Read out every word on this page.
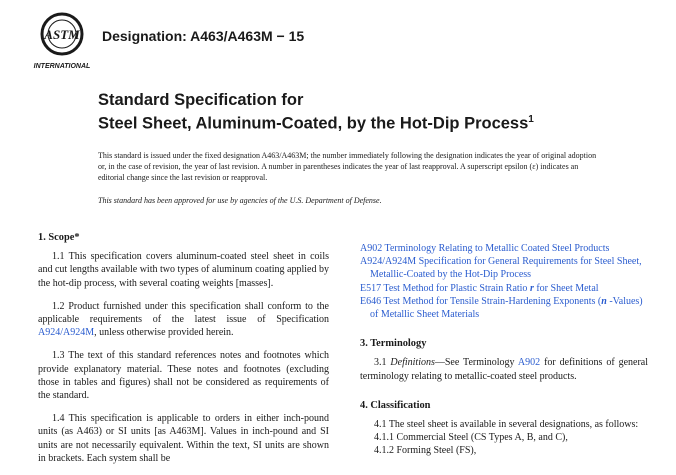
ASTM
INTERNATIONAL
Designation: A463/A463M − 15
Standard Specification for
Steel Sheet, Aluminum-Coated, by the Hot-Dip Process$^1$
This standard is issued under the fixed designation A463/A463M; the number immediately following the designation indicates the year of original adoption or, in the case of revision, the year of last revision. A number in parentheses indicates the year of last reapproval. A superscript epsilon (ε) indicates an editorial change since the last revision or reapproval.
This standard has been approved for use by agencies of the U.S. Department of Defense.
1. Scope*
1.1 This specification covers aluminum-coated steel sheet in coils and cut lengths available with two types of aluminum coating applied by the hot-dip process, with several coating weights [masses].
1.2 Product furnished under this specification shall conform to the applicable requirements of the latest issue of Specification A924/A924M, unless otherwise provided herein.
1.3 The text of this standard references notes and footnotes which provide explanatory material. These notes and footnotes (excluding those in tables and figures) shall not be considered as requirements of the standard.
1.4 This specification is applicable to orders in either inch-pound units (as A463) or SI units [as A463M]. Values in inch-pound and SI units are not necessarily equivalent. Within the text, SI units are shown in brackets. Each system shall be
A902 Terminology Relating to Metallic Coated Steel Products
A924/A924M Specification for General Requirements for Steel Sheet, Metallic-Coated by the Hot-Dip Process
E517 Test Method for Plastic Strain Ratio r for Sheet Metal
E646 Test Method for Tensile Strain-Hardening Exponents (n -Values) of Metallic Sheet Materials
3. Terminology
3.1 Definitions—See Terminology A902 for definitions of general terminology relating to metallic-coated steel products.
4. Classification
4.1 The steel sheet is available in several designations, as follows:
4.1.1 Commercial Steel (CS Types A, B, and C),
4.1.2 Forming Steel (FS),
